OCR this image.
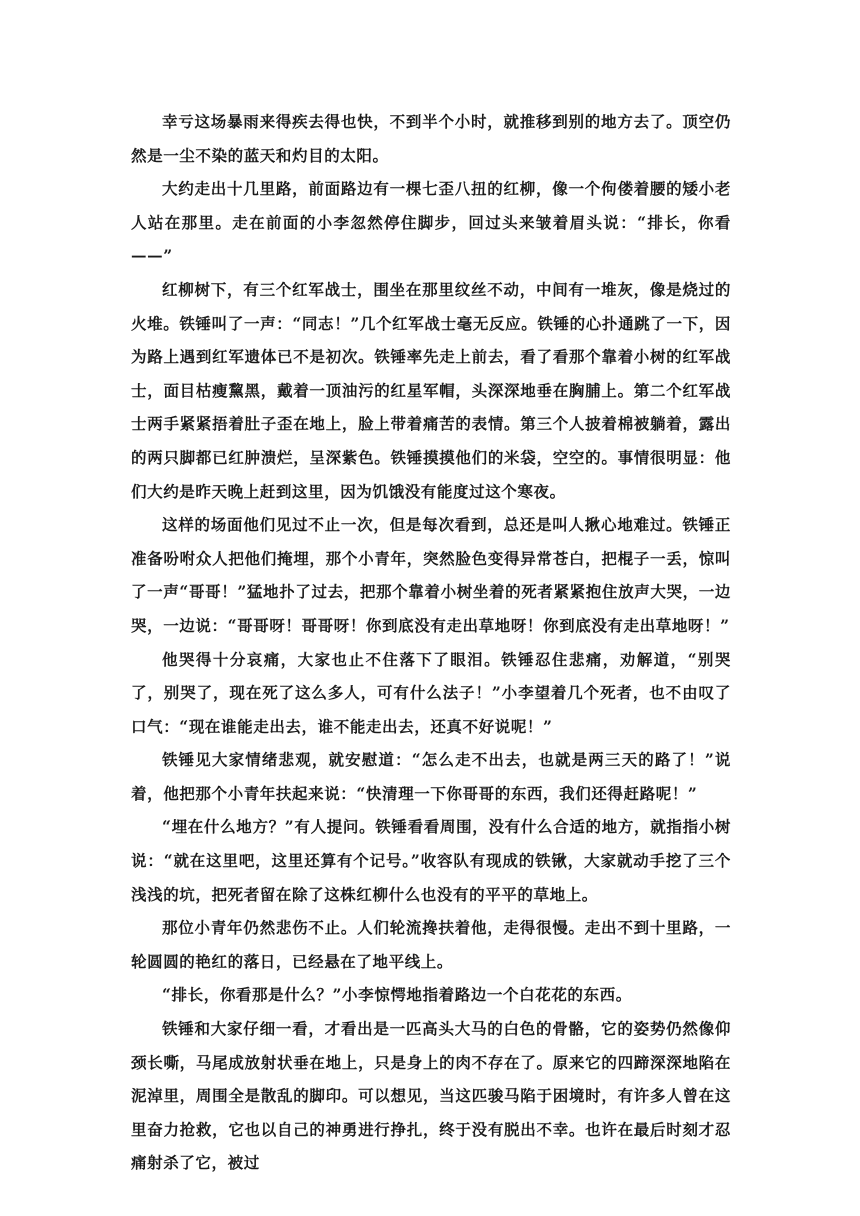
幸亏这场暴雨来得疾去得也快，不到半个小时，就推移到别的地方去了。顶空仍然是一尘不染的蓝天和灼目的太阳。

大约走出十几里路，前面路边有一棵七歪八扭的红柳，像一个佝偻着腰的矮小老人站在那里。走在前面的小李忽然停住脚步，回过头来皱着眉头说：“排长，你看——”

红柳树下，有三个红军战士，围坐在那里纹丝不动，中间有一堆灰，像是烧过的火堆。铁锤叫了一声：“同志！”几个红军战士毫无反应。铁锤的心扑通跳了一下，因为路上遇到红军遗体已不是初次。铁锤率先走上前去，看了看那个靠着小树的红军战士，面目枯瘦黧黑，戴着一顶油污的红星军帽，头深深地垂在胸脯上。第二个红军战士两手紧紧捂着肚子歪在地上，脸上带着痛苦的表情。第三个人披着棉被躺着，露出的两只脚都已红肿溃烂，呈深紫色。铁锤摸摸他们的米袋，空空的。事情很明显：他们大约是昨天晚上赶到这里，因为饥饿没有能度过这个寒夜。

这样的场面他们见过不止一次，但是每次看到，总还是叫人揪心地难过。铁锤正准备吩咐众人把他们掩埋，那个小青年，突然脸色变得异常苍白，把棍子一丢，惊叫了一声“哥哥！”猛地扑了过去，把那个靠着小树坐着的死者紧紧抱住放声大哭，一边哭，一边说：“哥哥呀！哥哥呀！你到底没有走出草地呀！你到底没有走出草地呀！”

他哭得十分哀痛，大家也止不住落下了眼泪。铁锤忍住悲痛，劝解道，“别哭了，别哭了，现在死了这么多人，可有什么法子！”小李望着几个死者，也不由叹了口气：“现在谁能走出去，谁不能走出去，还真不好说呢！”

铁锤见大家情绪悲观，就安慰道：“怎么走不出去，也就是两三天的路了！”说着，他把那个小青年扶起来说：“快清理一下你哥哥的东西，我们还得赶路呢！”

“埋在什么地方？”有人提问。铁锤看看周围，没有什么合适的地方，就指指小树说：“就在这里吧，这里还算有个记号。”收容队有现成的铁锹，大家就动手挖了三个浅浅的坑，把死者留在除了这株红柳什么也没有的平平的草地上。

那位小青年仍然悲伤不止。人们轮流搀扶着他，走得很慢。走出不到十里路，一轮圆圆的艳红的落日，已经悬在了地平线上。

“排长，你看那是什么？”小李惊愕地指着路边一个白花花的东西。

铁锤和大家仔细一看，才看出是一匹高头大马的白色的骨骼，它的姿势仍然像仰颈长嘶，马尾成放射状垂在地上，只是身上的肉不存在了。原来它的四蹄深深地陷在泥淖里，周围全是散乱的脚印。可以想见，当这匹骏马陷于困境时，有许多人曾在这里奋力抢救，它也以自己的神勇进行挣扎，终于没有脱出不幸。也许在最后时刻才忍痛射杀了它，被过
